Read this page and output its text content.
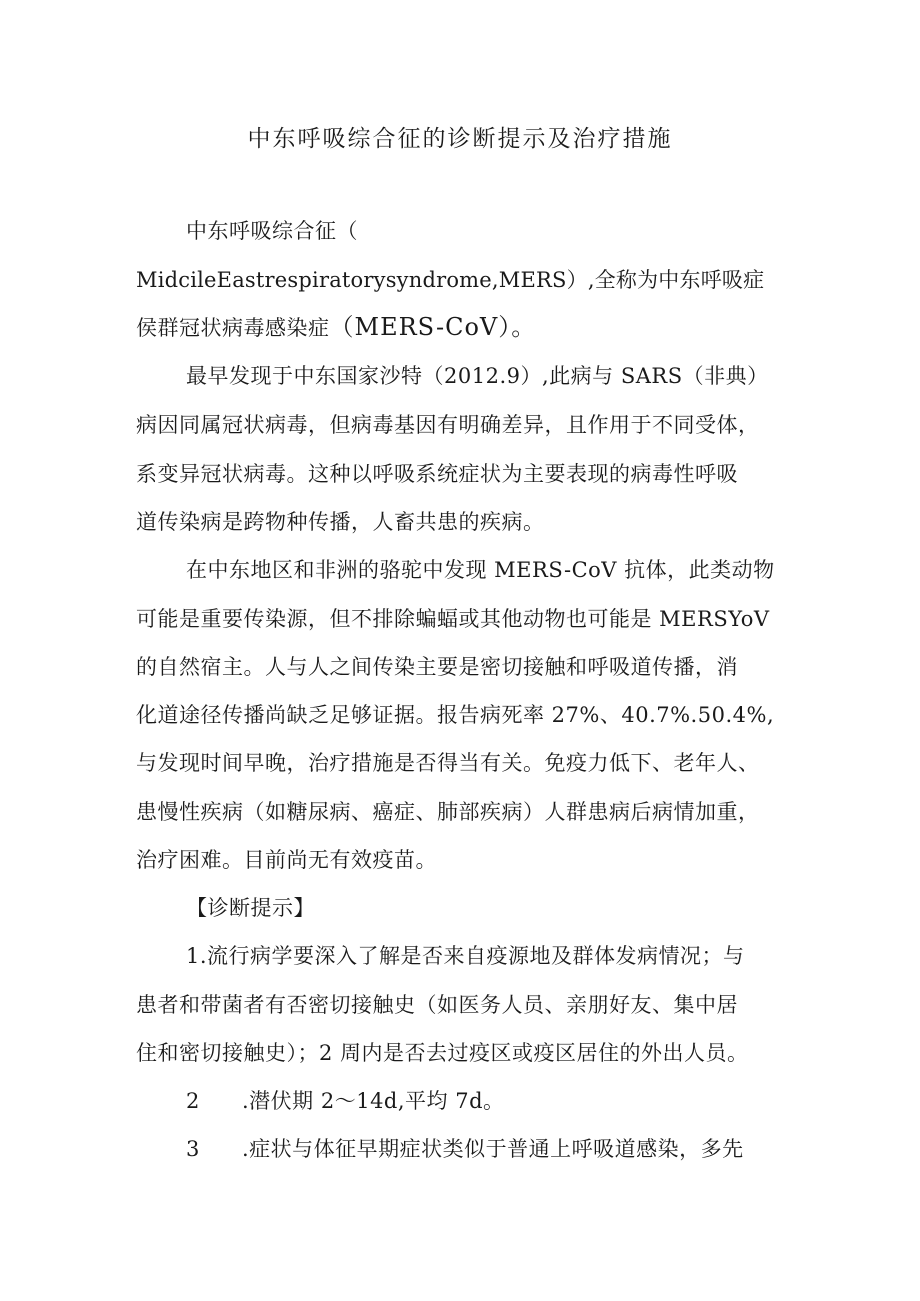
中东呼吸综合征的诊断提示及治疗措施
中东呼吸综合征（
MidcileEastrespiratorysyndrome,MERS）,全称为中东呼吸症
侯群冠状病毒感染症（MERS-CoV）。
最早发现于中东国家沙特（2012.9）,此病与 SARS（非典）
病因同属冠状病毒，但病毒基因有明确差异，且作用于不同受体，
系变异冠状病毒。这种以呼吸系统症状为主要表现的病毒性呼吸
道传染病是跨物种传播，人畜共患的疾病。
在中东地区和非洲的骆驼中发现 MERS-CoV 抗体，此类动物
可能是重要传染源，但不排除蝙蝠或其他动物也可能是 MERSYoV
的自然宿主。人与人之间传染主要是密切接触和呼吸道传播，消
化道途径传播尚缺乏足够证据。报告病死率 27%、40.7%.50.4%,
与发现时间早晚，治疗措施是否得当有关。免疫力低下、老年人、
患慢性疾病（如糖尿病、癌症、肺部疾病）人群患病后病情加重，
治疗困难。目前尚无有效疫苗。
【诊断提示】
1.流行病学要深入了解是否来自疫源地及群体发病情况；与
患者和带菌者有否密切接触史（如医务人员、亲朋好友、集中居
住和密切接触史）；2 周内是否去过疫区或疫区居住的外出人员。
2 .潜伏期 2～14d,平均 7d。
3 .症状与体征早期症状类似于普通上呼吸道感染，多先
